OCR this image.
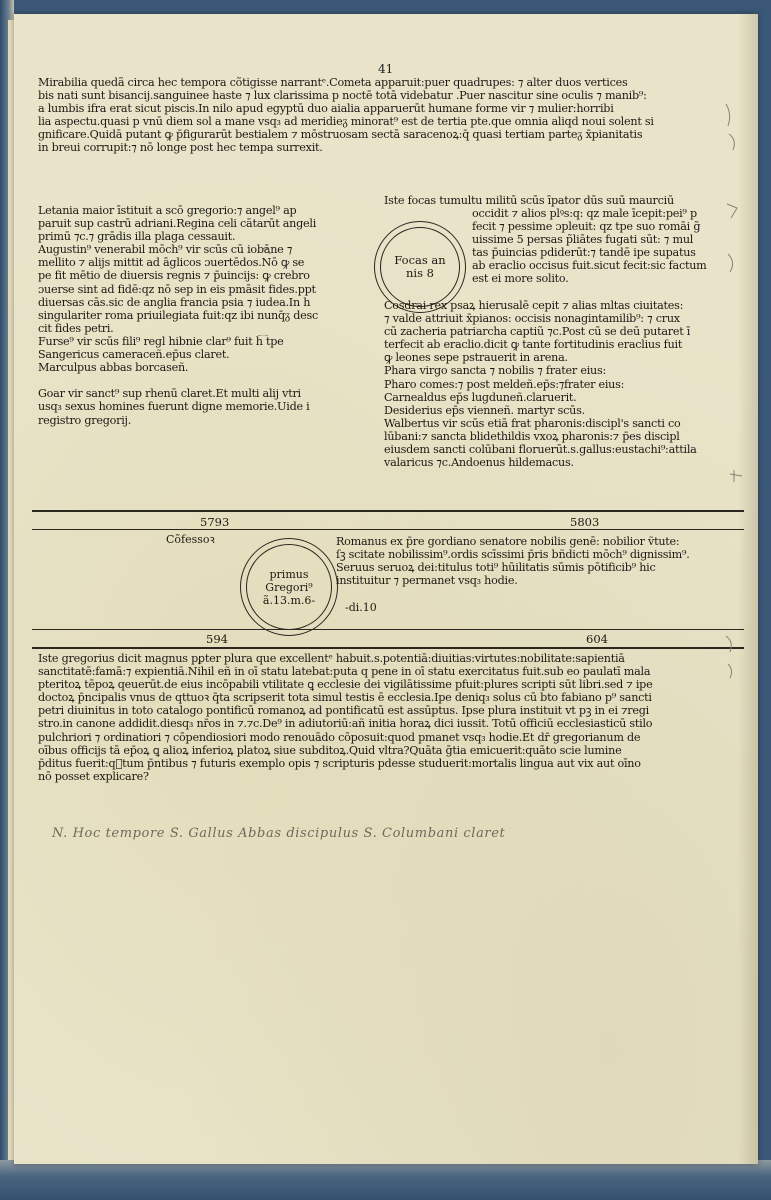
41
Mirabilia quedã circa hec tempora cõtigisse narrantᵉ.Cometa apparuit:puer quadrupes: ⁊ alter duos vertices
bis nati sunt bisancij.sanguinee haste ⁊ lux clarissima p noctē totā videbatur .Puer nascitur sine oculis ⁊ manib⁹:
a lumbis ifra erat sicut piscis.In nilo apud egyptū duo aialia apparuerūt humane forme vir ⁊ mulier:horribi
lia aspectu.quasi p vnū diem sol a mane vsq₃ ad meridieᵹ minorat⁹ est de tertia pte.que omnia aliqd noui solent si
gnificare.Quidā putant ꝙ p̄figurarūt bestialem ⁊ mōstruosam sectā saracenoꝝ:q̄ quasi tertiam parteᵹ x̄pianitatis
in breui corrupit:⁊ nō longe post hec tempa surrexit.
Letania maior īstituit a scō gregorio:⁊ angel⁹ ap
paruit sup castrū adriani.Regina celi cātarūt angeli
primū ⁊c.⁊ grādis illa plaga cessauit.
Augustin⁹ venerabil mōch⁹ vir scūs cū iobāne ⁊
mellito ⁊ alijs mittit ad āglicos ɔuertēdos.Nō ꝙ se
pe fit mētio de diuersis regnis ⁊ p̄uincijs: ꝙ crebro
ɔuerse sint ad fidē:qz nō sep in eis pmāsit fides.ppt̄
diuersas cās.sic de anglia francia psia ⁊ iudea.In h̄
singulariter roma priuilegiata fuit:qz ibi nunq̄ᵹ desc
cit fides petri.
Furse⁹ vir scūs fili⁹ regl hibnie clar⁹ fuit h͡ tpe
Sangericus cameraceñ.ep̄us claret.
Marculpus abbas borcaseñ.

Goar vir sanct⁹ sup rhenū claret.Et multi alij vtri
usq₃ sexus homines fuerunt digne memorie.Uide i
registro gregorij.
Focas an
nis 8
Iste focas tumultu militū scūs īpator dūs suū maurciū
occidit ⁊ alios plꝰs:q: qz male īcepit:pei⁹ p
fecit ⁊ pessime ɔpleuit: qz tpe suo romāi g̃
uissime 5 persas p̃liātes fugati sūt: ⁊ mul
tas p̄uincias pdiderūt:⁊ tandē ipe supatus
ab eraclio occisus fuit.sicut fecit:sic factum
est ei more solito.
Cosdrai rex psaꝝ hierusalē cepit ⁊ alias mltas ciuitates:
⁊ valde attriuit x̄pianos: occisis nonagintamilib⁹: ⁊ crux
cū zacheria patriarcha captiũ ⁊c.Post cū se deū putaret ī
terfecit ab eraclio.dicit ꝙ tante fortitudinis eraclius fuit
ꝙ leones sepe pstrauerit in arena.
Phara virgo sancta ⁊ nobilis ⁊ frater eius:
Pharo comes:⁊ post meldeñ.ep̄s:⁊frater eius:
Carnealdus ep̄s lugduneñ.claruerit.
Desiderius ep̄s vienneñ. martyr scūs.
Walbertus vir scūs etiā frat̄ pharonis:discipl's sancti co
lūbani:⁊ sancta blidethildis vxoꝝ pharonis:⁊ p̄es discipl̄
eiusdem sancti colūbani floruerūt.s.gallus:eustachi⁹:attila
valaricus ⁊c.Andoenus hildemacus.
5793	5803
Cõfessoꝛ
primus
Gregori⁹
ã.13.m.6-
Romanus ex p̄re gordiano senatore nobilis genē: nobilior ṽtute:
ſꝫ scitate nobilissim⁹.ordis scīssimi p̄ris bñdicti mōch⁹ dignissim⁹.
Seruus seruoꝝ dei:titulus toti⁹ hūilitatis sūmis pōtificib⁹ hic
instituitur ⁊ permanet vsq₃ hodie.
-di.10
594	604
Iste gregorius dicit magnus pꝑter plura que excellentᵉ habuit.s.potentiā:diuitias:virtutes:nobilitate:sapientiā
sanctitatē:famā:⁊ expientiā.Nihil eñ in oī statu latebat:puta q pene in oī statu exercitatus fuit.sub eo paulatī mala
pteritoꝝ tēpoꝝ qeuerūt.de eius incōpabili vtilitate ꝗ ecclesie dei vigilātissime pfuit:plures scripti sūt libri.sed ⁊ ipe
doctoꝝ p̄ncipalis vnus de qttuoꝛ q̄ta scripserit tota simul testis ē ecclesia.Ipe deniq₃ solus cū bt̄o fabiano p⁹ sancti
petri diuinitus in toto catalogo pontificū romanoꝝ ad pontificatū est assūptus. Ipse plura instituit vt pꝫ in ei ⁊regi
stro.in canone addidit.diesq₃ nr̄os in ⁊.⁊c.De⁹ in adiutoriū:añ initia horaꝝ dici iussit. Totū officiū ecclesiasticū stilo
pulchriori ⁊ ordinatiori ⁊ cōpendiosiori modo renouādo cōposuit:quod pmanet vsq₃ hodie.Et dr̄ gregorianum de
oībus officijs tā ep̄oꝝ ꝗ alioꝝ inferioꝝ platoꝝ siue subditoꝝ.Quid vltra?Quāta ḡtia emicuerit:quāto scie lumine
p̄ditus fuerit:qᷓtum p̄ntibus ⁊ futuris exemplo opis ⁊ scripturis pdesse studuerit:mortalis lingua aut vix aut oīno
nō posset explicare?
N. Hoc tempore S. Gallus Abbas discipulus S. Columbani claret
